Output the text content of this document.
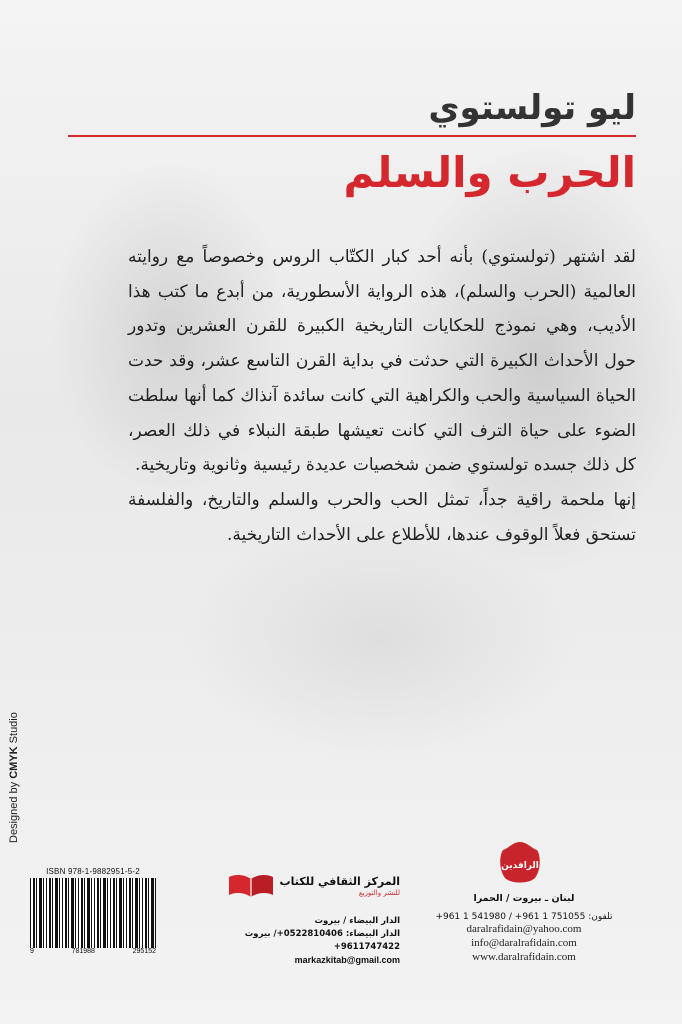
ليو تولستوي
الحرب والسلم

لقد اشتهر (تولستوي) بأنه أحد كبار الكتّاب الروس وخصوصاً مع روايته العالمية (الحرب والسلم)، هذه الرواية الأسطورية، من أبدع ما كتب هذا الأديب، وهي نموذج للحكايات التاريخية الكبيرة للقرن العشرين وتدور حول الأحداث الكبيرة التي حدثت في بداية القرن التاسع عشر، وقد حدت الحياة السياسية والحب والكراهية التي كانت سائدة آنذاك كما أنها سلطت الضوء على حياة الترف التي كانت تعيشها طبقة النبلاء في ذلك العصر، كل ذلك جسده تولستوي ضمن شخصيات عديدة رئيسية وثانوية وتاريخية.

إنها ملحمة راقية جداً، تمثل الحب والحرب والسلم والتاريخ، والفلسفة تستحق فعلاً الوقوف عندها، للأطلاع على الأحداث التاريخية.

Designed by CMYK Studio
ISBN 978-1-9882951-5-2
9	781988	295152
المركز الثقافي للكتاب
للنشر والتوزيع
الدار البيضاء / بيروت
الدار البيضاء: 0522810406+/ بيروت 9611747422+
markazkitab@gmail.com
الرافدين
لبنان ـ بيروت / الحمرا
تلفون: 751055 1 961+ / 541980 1 961+
daralrafidain@yahoo.com
info@daralrafidain.com
www.daralrafidain.com
